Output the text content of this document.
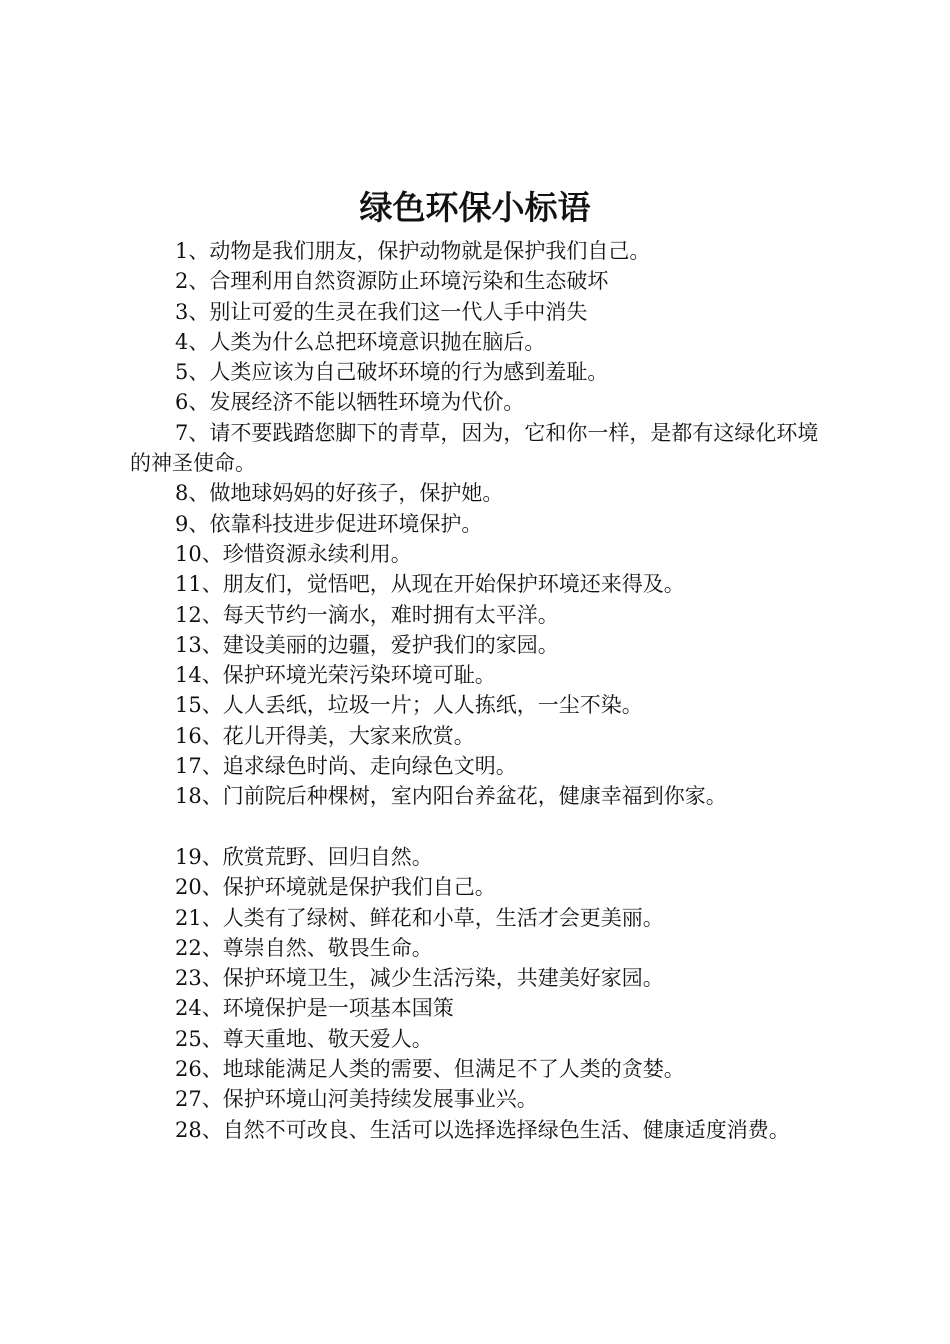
绿色环保小标语
1、动物是我们朋友，保护动物就是保护我们自己。
2、合理利用自然资源防止环境污染和生态破坏
3、别让可爱的生灵在我们这一代人手中消失
4、人类为什么总把环境意识抛在脑后。
5、人类应该为自己破坏环境的行为感到羞耻。
6、发展经济不能以牺牲环境为代价。
7、请不要践踏您脚下的青草，因为，它和你一样，是都有这绿化环境的神圣使命。
8、做地球妈妈的好孩子，保护她。
9、依靠科技进步促进环境保护。
10、珍惜资源永续利用。
11、朋友们，觉悟吧，从现在开始保护环境还来得及。
12、每天节约一滴水，难时拥有太平洋。
13、建设美丽的边疆，爱护我们的家园。
14、保护环境光荣污染环境可耻。
15、人人丢纸，垃圾一片；人人拣纸，一尘不染。
16、花儿开得美，大家来欣赏。
17、追求绿色时尚、走向绿色文明。
18、门前院后种棵树，室内阳台养盆花，健康幸福到你家。
19、欣赏荒野、回归自然。
20、保护环境就是保护我们自己。
21、人类有了绿树、鲜花和小草，生活才会更美丽。
22、尊崇自然、敬畏生命。
23、保护环境卫生，减少生活污染，共建美好家园。
24、环境保护是一项基本国策
25、尊天重地、敬天爱人。
26、地球能满足人类的需要、但满足不了人类的贪婪。
27、保护环境山河美持续发展事业兴。
28、自然不可改良、生活可以选择选择绿色生活、健康适度消费。
